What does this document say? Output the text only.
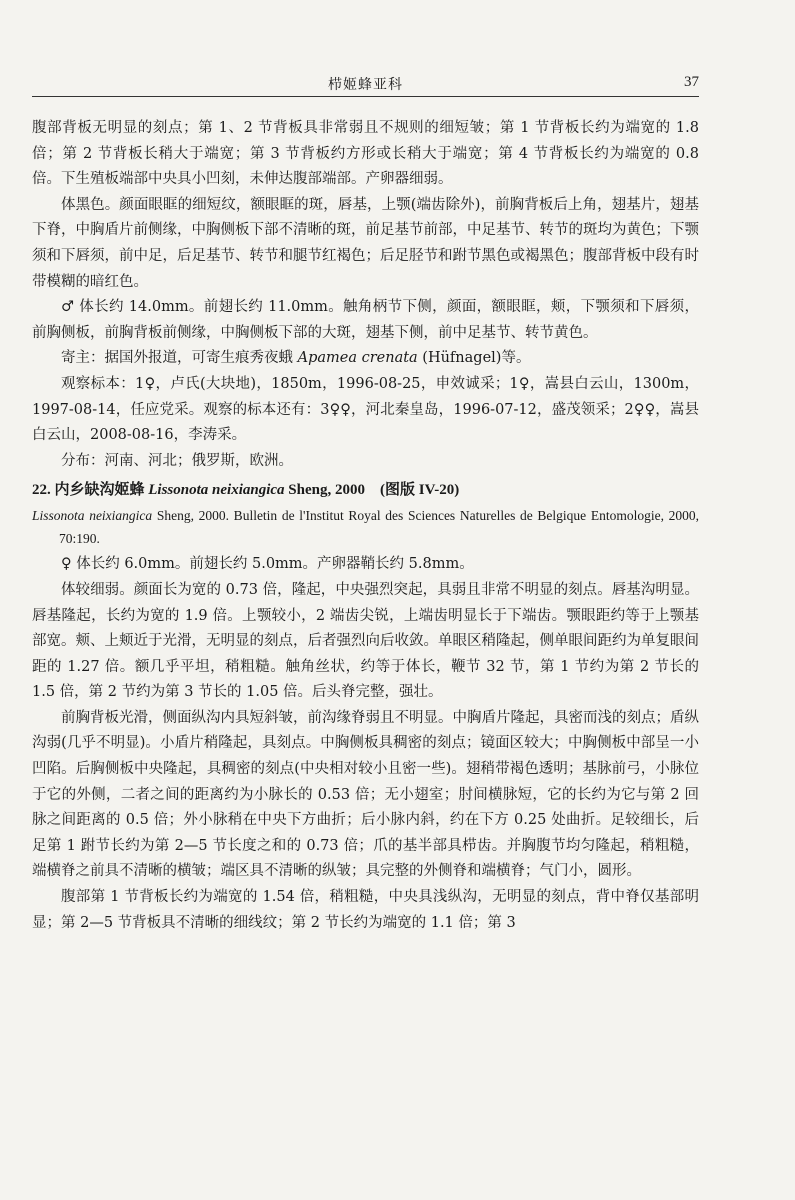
栉姬蜂亚科	37

腹部背板无明显的刻点；第 1、2 节背板具非常弱且不规则的细短皱；第 1 节背板长约为端宽的 1.8 倍；第 2 节背板长稍大于端宽；第 3 节背板约方形或长稍大于端宽；第 4 节背板长约为端宽的 0.8 倍。下生殖板端部中央具小凹刻，未伸达腹部端部。产卵器细弱。

体黑色。颜面眼眶的细短纹，额眼眶的斑，唇基，上颚(端齿除外)，前胸背板后上角，翅基片，翅基下脊，中胸盾片前侧缘，中胸侧板下部不清晰的斑，前足基节前部，中足基节、转节的斑均为黄色；下颚须和下唇须，前中足，后足基节、转节和腿节红褐色；后足胫节和跗节黑色或褐黑色；腹部背板中段有时带模糊的暗红色。

♂ 体长约 14.0mm。前翅长约 11.0mm。触角柄节下侧，颜面，额眼眶，颊，下颚须和下唇须，前胸侧板，前胸背板前侧缘，中胸侧板下部的大斑，翅基下侧，前中足基节、转节黄色。

寄主：据国外报道，可寄生痕秀夜蛾 Apamea crenata (Hüfnagel)等。

观察标本：1♀，卢氏(大块地)，1850m，1996-08-25，申效诚采；1♀，嵩县白云山，1300m，1997-08-14，任应党采。观察的标本还有：3♀♀，河北秦皇岛，1996-07-12，盛茂领采；2♀♀，嵩县白云山，2008-08-16，李涛采。

分布：河南、河北；俄罗斯，欧洲。

22. 内乡缺沟姬蜂 Lissonota neixiangica Sheng, 2000　(图版 IV-20)

Lissonota neixiangica Sheng, 2000. Bulletin de l'Institut Royal des Sciences Naturelles de Belgique Entomologie, 2000, 70:190.

♀ 体长约 6.0mm。前翅长约 5.0mm。产卵器鞘长约 5.8mm。

体较细弱。颜面长为宽的 0.73 倍，隆起，中央强烈突起，具弱且非常不明显的刻点。唇基沟明显。唇基隆起，长约为宽的 1.9 倍。上颚较小，2 端齿尖锐，上端齿明显长于下端齿。颚眼距约等于上颚基部宽。颊、上颊近于光滑，无明显的刻点，后者强烈向后收敛。单眼区稍隆起，侧单眼间距约为单复眼间距的 1.27 倍。额几乎平坦，稍粗糙。触角丝状，约等于体长，鞭节 32 节，第 1 节约为第 2 节长的 1.5 倍，第 2 节约为第 3 节长的 1.05 倍。后头脊完整，强壮。

前胸背板光滑，侧面纵沟内具短斜皱，前沟缘脊弱且不明显。中胸盾片隆起，具密而浅的刻点；盾纵沟弱(几乎不明显)。小盾片稍隆起，具刻点。中胸侧板具稠密的刻点；镜面区较大；中胸侧板中部呈一小凹陷。后胸侧板中央隆起，具稠密的刻点(中央相对较小且密一些)。翅稍带褐色透明；基脉前弓，小脉位于它的外侧，二者之间的距离约为小脉长的 0.53 倍；无小翅室；肘间横脉短，它的长约为它与第 2 回脉之间距离的 0.5 倍；外小脉稍在中央下方曲折；后小脉内斜，约在下方 0.25 处曲折。足较细长，后足第 1 跗节长约为第 2—5 节长度之和的 0.73 倍；爪的基半部具栉齿。并胸腹节均匀隆起，稍粗糙，端横脊之前具不清晰的横皱；端区具不清晰的纵皱；具完整的外侧脊和端横脊；气门小，圆形。

腹部第 1 节背板长约为端宽的 1.54 倍，稍粗糙，中央具浅纵沟，无明显的刻点，背中脊仅基部明显；第 2—5 节背板具不清晰的细线纹；第 2 节长约为端宽的 1.1 倍；第 3
